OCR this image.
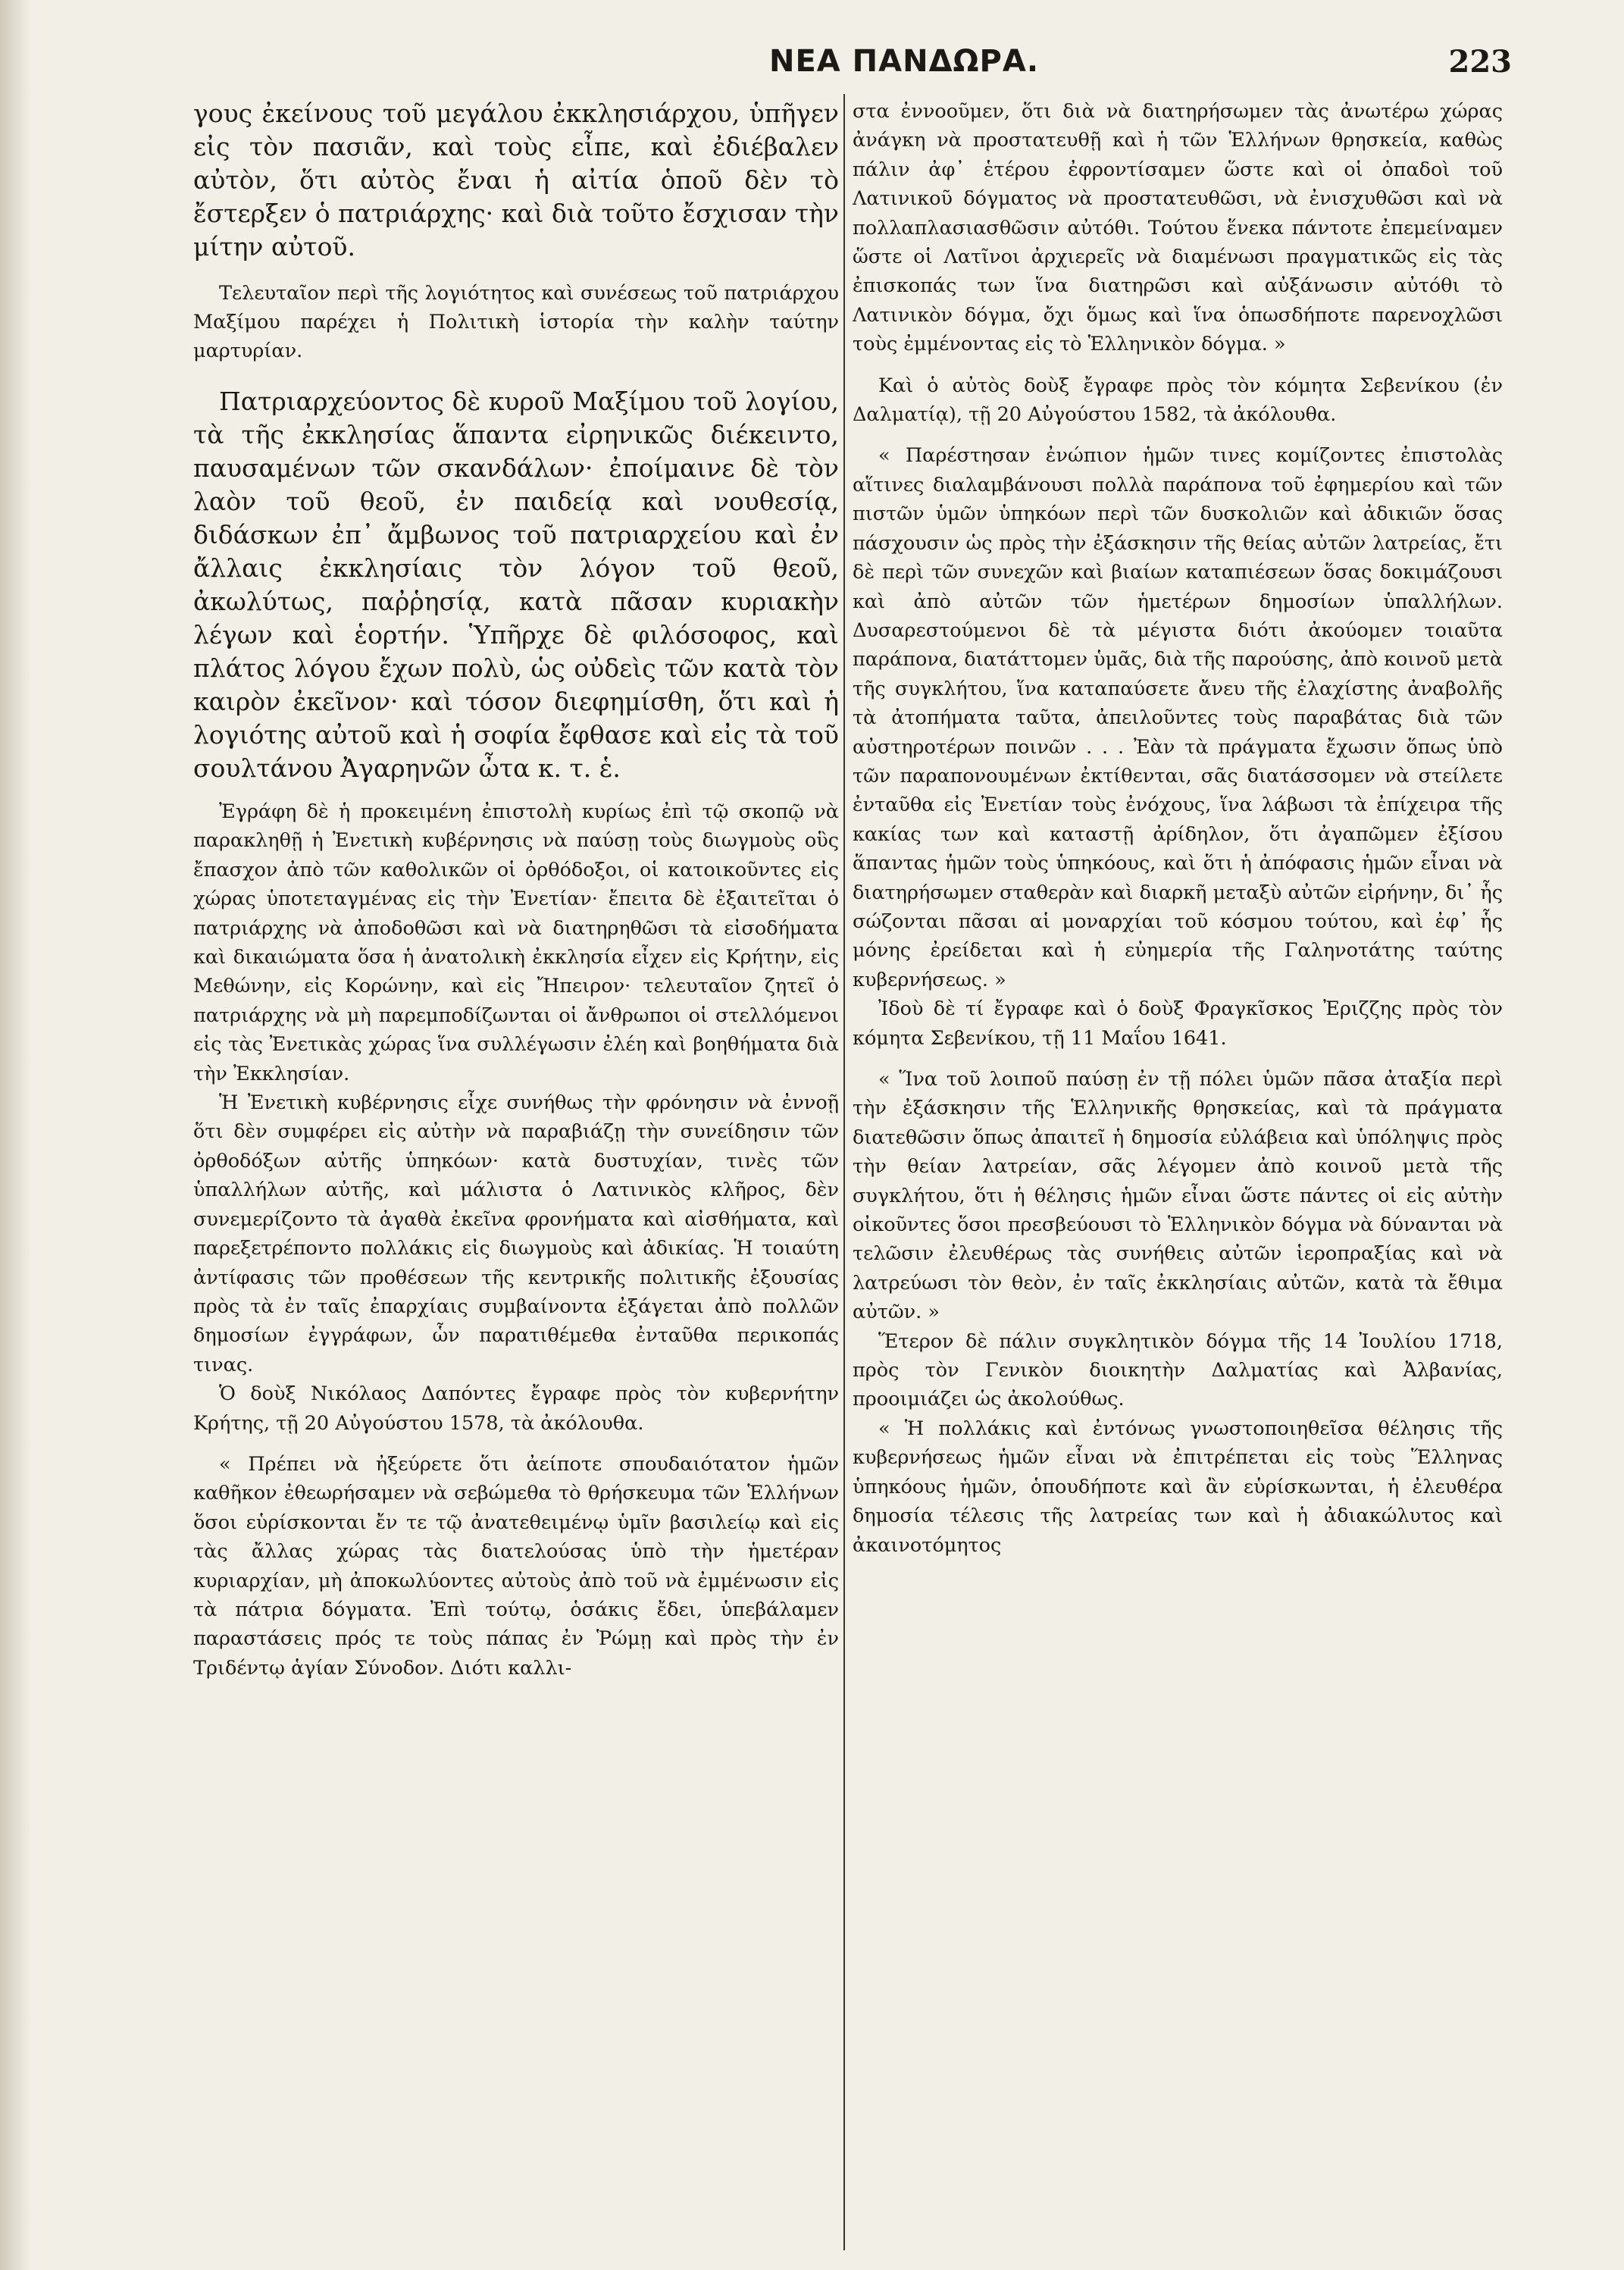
ΝΕΑ ΠΑΝΔΩΡΑ.	223

γους ἐκείνους τοῦ μεγάλου ἐκκλησιάρχου, ὑπῆγεν εἰς τὸν πασιᾶν, καὶ τοὺς εἶπε, καὶ ἐδιέβαλεν αὐτὸν, ὅτι αὐτὸς ἔναι ἡ αἰτία ὁποῦ δὲν τὸ ἔστερξεν ὁ πατριάρχης· καὶ διὰ τοῦτο ἔσχισαν τὴν μίτην αὐτοῦ.

Τελευταῖον περὶ τῆς λογιότητος καὶ συνέσεως τοῦ πατριάρχου Μαξίμου παρέχει ἡ Πολιτικὴ ἱστορία τὴν καλὴν ταύτην μαρτυρίαν.

Πατριαρχεύοντος δὲ κυροῦ Μαξίμου τοῦ λογίου, τὰ τῆς ἐκκλησίας ἅπαντα εἰρηνικῶς διέκειντο, παυσαμένων τῶν σκανδάλων· ἐποίμαινε δὲ τὸν λαὸν τοῦ θεοῦ, ἐν παιδείᾳ καὶ νουθεσίᾳ, διδάσκων ἐπ᾿ ἄμβωνος τοῦ πατριαρχείου καὶ ἐν ἄλλαις ἐκκλησίαις τὸν λόγον τοῦ θεοῦ, ἀκωλύτως, παῤῥησίᾳ, κατὰ πᾶσαν κυριακὴν λέγων καὶ ἑορτήν. Ὑπῆρχε δὲ φιλόσοφος, καὶ πλάτος λόγου ἔχων πολὺ, ὡς οὐδεὶς τῶν κατὰ τὸν καιρὸν ἐκεῖνον· καὶ τόσον διεφημίσθη, ὅτι καὶ ἡ λογιότης αὐτοῦ καὶ ἡ σοφία ἔφθασε καὶ εἰς τὰ τοῦ σουλτάνου Ἀγαρηνῶν ὦτα κ. τ. ἑ.

Ἐγράφη δὲ ἡ προκειμένη ἐπιστολὴ κυρίως ἐπὶ τῷ σκοπῷ νὰ παρακληθῇ ἡ Ἐνετικὴ κυβέρνησις νὰ παύσῃ τοὺς διωγμοὺς οὓς ἔπασχον ἀπὸ τῶν καθολικῶν οἱ ὀρθόδοξοι, οἱ κατοικοῦντες εἰς χώρας ὑποτεταγμένας εἰς τὴν Ἐνετίαν· ἔπειτα δὲ ἐξαιτεῖται ὁ πατριάρχης νὰ ἀποδοθῶσι καὶ νὰ διατηρηθῶσι τὰ εἰσοδήματα καὶ δικαιώματα ὅσα ἡ ἀνατολικὴ ἐκκλησία εἶχεν εἰς Κρήτην, εἰς Μεθώνην, εἰς Κορώνην, καὶ εἰς Ἤπειρον· τελευταῖον ζητεῖ ὁ πατριάρχης νὰ μὴ παρεμποδίζωνται οἱ ἄνθρωποι οἱ στελλόμενοι εἰς τὰς Ἐνετικὰς χώρας ἵνα συλλέγωσιν ἐλέη καὶ βοηθήματα διὰ τὴν Ἐκκλησίαν.

Ἡ Ἐνετικὴ κυβέρνησις εἶχε συνήθως τὴν φρόνησιν νὰ ἐννοῇ ὅτι δὲν συμφέρει εἰς αὐτὴν νὰ παραβιάζῃ τὴν συνείδησιν τῶν ὀρθοδόξων αὐτῆς ὑπηκόων· κατὰ δυστυχίαν, τινὲς τῶν ὑπαλλήλων αὐτῆς, καὶ μάλιστα ὁ Λατινικὸς κλῆρος, δὲν συνεμερίζοντο τὰ ἀγαθὰ ἐκεῖνα φρονήματα καὶ αἰσθήματα, καὶ παρεξετρέποντο πολλάκις εἰς διωγμοὺς καὶ ἀδικίας. Ἡ τοιαύτη ἀντίφασις τῶν προθέσεων τῆς κεντρικῆς πολιτικῆς ἐξουσίας πρὸς τὰ ἐν ταῖς ἐπαρχίαις συμβαίνοντα ἐξάγεται ἀπὸ πολλῶν δημοσίων ἐγγράφων, ὧν παρατιθέμεθα ἐνταῦθα περικοπάς τινας.

Ὁ δοὺξ Νικόλαος Δαπόντες ἔγραφε πρὸς τὸν κυβερνήτην Κρήτης, τῇ 20 Αὐγούστου 1578, τὰ ἀκόλουθα.

« Πρέπει νὰ ἠξεύρετε ὅτι ἀείποτε σπουδαιότατον ἡμῶν καθῆκον ἐθεωρήσαμεν νὰ σεβώμεθα τὸ θρήσκευμα τῶν Ἑλλήνων ὅσοι εὑρίσκονται ἔν τε τῷ ἀνατεθειμένῳ ὑμῖν βασιλείῳ καὶ εἰς τὰς ἄλλας χώρας τὰς διατελούσας ὑπὸ τὴν ἡμετέραν κυριαρχίαν, μὴ ἀποκωλύοντες αὐτοὺς ἀπὸ τοῦ νὰ ἐμμένωσιν εἰς τὰ πάτρια δόγματα. Ἐπὶ τούτῳ, ὁσάκις ἔδει, ὑπεβάλαμεν παραστάσεις πρός τε τοὺς πάπας ἐν Ῥώμῃ καὶ πρὸς τὴν ἐν Τριδέντῳ ἁγίαν Σύνοδον. Διότι καλλι-

στα ἐννοοῦμεν, ὅτι διὰ νὰ διατηρήσωμεν τὰς ἀνωτέρω χώρας ἀνάγκη νὰ προστατευθῇ καὶ ἡ τῶν Ἑλλήνων θρησκεία, καθὼς πάλιν ἀφ᾿ ἑτέρου ἐφροντίσαμεν ὥστε καὶ οἱ ὀπαδοὶ τοῦ Λατινικοῦ δόγματος νὰ προστατευθῶσι, νὰ ἐνισχυθῶσι καὶ νὰ πολλαπλασιασθῶσιν αὐτόθι. Τούτου ἕνεκα πάντοτε ἐπεμείναμεν ὥστε οἱ Λατῖνοι ἀρχιερεῖς νὰ διαμένωσι πραγματικῶς εἰς τὰς ἐπισκοπάς των ἵνα διατηρῶσι καὶ αὐξάνωσιν αὐτόθι τὸ Λατινικὸν δόγμα, ὄχι ὅμως καὶ ἵνα ὁπωσδήποτε παρενοχλῶσι τοὺς ἐμμένοντας εἰς τὸ Ἑλληνικὸν δόγμα. »

Καὶ ὁ αὐτὸς δοὺξ ἔγραφε πρὸς τὸν κόμητα Σεβενίκου (ἐν Δαλματίᾳ), τῇ 20 Αὐγούστου 1582, τὰ ἀκόλουθα.

« Παρέστησαν ἐνώπιον ἡμῶν τινες κομίζοντες ἐπιστολὰς αἵτινες διαλαμβάνουσι πολλὰ παράπονα τοῦ ἐφημερίου καὶ τῶν πιστῶν ὑμῶν ὑπηκόων περὶ τῶν δυσκολιῶν καὶ ἀδικιῶν ὅσας πάσχουσιν ὡς πρὸς τὴν ἐξάσκησιν τῆς θείας αὐτῶν λατρείας, ἔτι δὲ περὶ τῶν συνεχῶν καὶ βιαίων καταπιέσεων ὅσας δοκιμάζουσι καὶ ἀπὸ αὐτῶν τῶν ἡμετέρων δημοσίων ὑπαλλήλων. Δυσαρεστούμενοι δὲ τὰ μέγιστα διότι ἀκούομεν τοιαῦτα παράπονα, διατάττομεν ὑμᾶς, διὰ τῆς παρούσης, ἀπὸ κοινοῦ μετὰ τῆς συγκλήτου, ἵνα καταπαύσετε ἄνευ τῆς ἐλαχίστης ἀναβολῆς τὰ ἀτοπήματα ταῦτα, ἀπειλοῦντες τοὺς παραβάτας διὰ τῶν αὐστηροτέρων ποινῶν . . . Ἐὰν τὰ πράγματα ἔχωσιν ὅπως ὑπὸ τῶν παραπονουμένων ἐκτίθενται, σᾶς διατάσσομεν νὰ στείλετε ἐνταῦθα εἰς Ἐνετίαν τοὺς ἐνόχους, ἵνα λάβωσι τὰ ἐπίχειρα τῆς κακίας των καὶ καταστῇ ἀρίδηλον, ὅτι ἀγαπῶμεν ἐξίσου ἅπαντας ἡμῶν τοὺς ὑπηκόους, καὶ ὅτι ἡ ἀπόφασις ἡμῶν εἶναι νὰ διατηρήσωμεν σταθερὰν καὶ διαρκῆ μεταξὺ αὐτῶν εἰρήνην, δι᾿ ἧς σώζονται πᾶσαι αἱ μοναρχίαι τοῦ κόσμου τούτου, καὶ ἐφ᾿ ἧς μόνης ἐρείδεται καὶ ἡ εὐημερία τῆς Γαληνοτάτης ταύτης κυβερνήσεως. »

Ἰδοὺ δὲ τί ἔγραφε καὶ ὁ δοὺξ Φραγκῖσκος Ἐριζζης πρὸς τὸν κόμητα Σεβενίκου, τῇ 11 Μαΐου 1641.

« Ἵνα τοῦ λοιποῦ παύσῃ ἐν τῇ πόλει ὑμῶν πᾶσα ἀταξία περὶ τὴν ἐξάσκησιν τῆς Ἑλληνικῆς θρησκείας, καὶ τὰ πράγματα διατεθῶσιν ὅπως ἀπαιτεῖ ἡ δημοσία εὐλάβεια καὶ ὑπόληψις πρὸς τὴν θείαν λατρείαν, σᾶς λέγομεν ἀπὸ κοινοῦ μετὰ τῆς συγκλήτου, ὅτι ἡ θέλησις ἡμῶν εἶναι ὥστε πάντες οἱ εἰς αὐτὴν οἰκοῦντες ὅσοι πρεσβεύουσι τὸ Ἑλληνικὸν δόγμα νὰ δύνανται νὰ τελῶσιν ἐλευθέρως τὰς συνήθεις αὐτῶν ἱεροπραξίας καὶ νὰ λατρεύωσι τὸν θεὸν, ἐν ταῖς ἐκκλησίαις αὐτῶν, κατὰ τὰ ἔθιμα αὐτῶν. »

Ἕτερον δὲ πάλιν συγκλητικὸν δόγμα τῆς 14 Ἰουλίου 1718, πρὸς τὸν Γενικὸν διοικητὴν Δαλματίας καὶ Ἀλβανίας, προοιμιάζει ὡς ἀκολούθως.

« Ἡ πολλάκις καὶ ἐντόνως γνωστοποιηθεῖσα θέλησις τῆς κυβερνήσεως ἡμῶν εἶναι νὰ ἐπιτρέπεται εἰς τοὺς Ἕλληνας ὑπηκόους ἡμῶν, ὁπουδήποτε καὶ ἂν εὑρίσκωνται, ἡ ἐλευθέρα δημοσία τέλεσις τῆς λατρείας των καὶ ἡ ἀδιακώλυτος καὶ ἀκαινοτόμητος
